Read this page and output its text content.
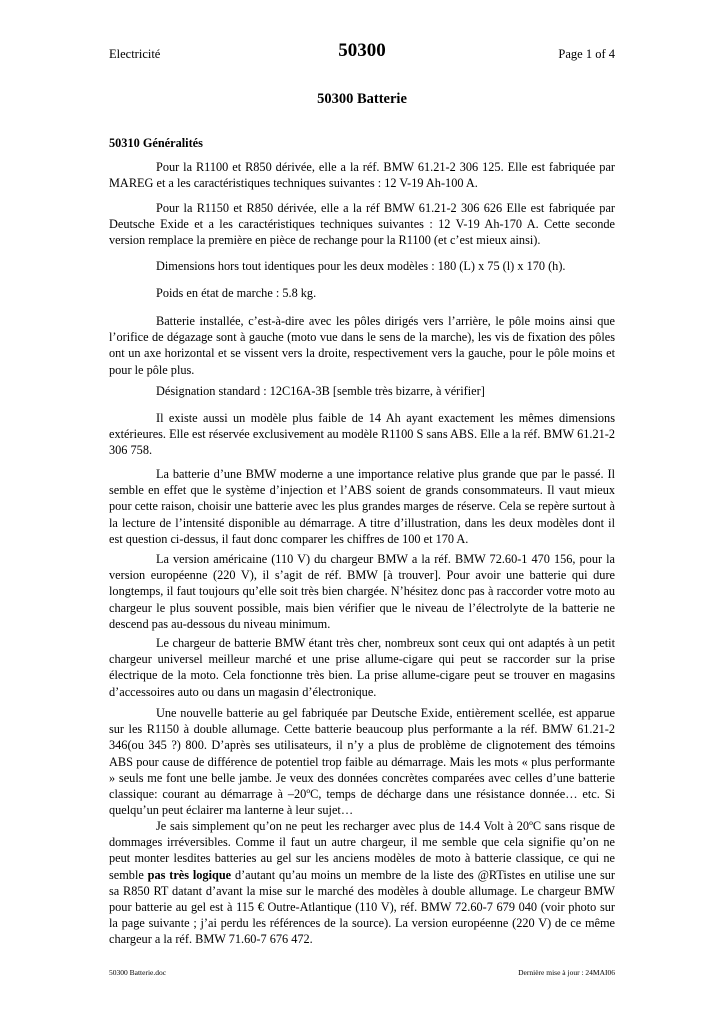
Electricité	50300	Page 1 of 4
50300 Batterie
50310 Généralités

Pour la R1100 et R850 dérivée, elle a la réf. BMW 61.21-2 306 125. Elle est fabriquée par MAREG et a les caractéristiques techniques suivantes : 12 V-19 Ah-100 A.

Pour la R1150 et R850 dérivée, elle a la réf BMW 61.21-2 306 626 Elle est fabriquée par Deutsche Exide et a les caractéristiques techniques suivantes : 12 V-19 Ah-170 A. Cette seconde version remplace la première en pièce de rechange pour la R1100 (et c’est mieux ainsi).

Dimensions hors tout identiques pour les deux modèles : 180 (L) x 75 (l) x 170 (h).

Poids en état de marche : 5.8 kg.

Batterie installée, c’est-à-dire avec les pôles dirigés vers l’arrière, le pôle moins ainsi que l’orifice de dégazage sont à gauche (moto vue dans le sens de la marche), les vis de fixation des pôles ont un axe horizontal et se vissent vers la droite, respectivement vers la gauche, pour le pôle moins et pour le pôle plus.

Désignation standard : 12C16A-3B [semble très bizarre, à vérifier]

Il existe aussi un modèle plus faible de 14 Ah ayant exactement les mêmes dimensions extérieures. Elle est réservée exclusivement au modèle R1100 S sans ABS. Elle a la réf. BMW 61.21-2 306 758.

La batterie d’une BMW moderne a une importance relative plus grande que par le passé. Il semble en effet que le système d’injection et l’ABS soient de grands consommateurs. Il vaut mieux pour cette raison, choisir une batterie avec les plus grandes marges de réserve. Cela se repère surtout à la lecture de l’intensité disponible au démarrage. A titre d’illustration, dans les deux modèles dont il est question ci-dessus, il faut donc comparer les chiffres de 100 et 170 A.

La version américaine (110 V) du chargeur BMW a la réf. BMW 72.60-1 470 156, pour la version européenne (220 V), il s’agit de réf. BMW [à trouver]. Pour avoir une batterie qui dure longtemps, il faut toujours qu’elle soit très bien chargée. N’hésitez donc pas à raccorder votre moto au chargeur le plus souvent possible, mais bien vérifier que le niveau de l’électrolyte de la batterie ne descend pas au-dessous du niveau minimum.

Le chargeur de batterie BMW étant très cher, nombreux sont ceux qui ont adaptés à un petit chargeur universel meilleur marché et une prise allume-cigare qui peut se raccorder sur la prise électrique de la moto. Cela fonctionne très bien. La prise allume-cigare peut se trouver en magasins d’accessoires auto ou dans un magasin d’électronique.

Une nouvelle batterie au gel fabriquée par Deutsche Exide, entièrement scellée, est apparue sur les R1150 à double allumage. Cette batterie beaucoup plus performante a la réf. BMW 61.21-2 346(ou 345 ?) 800. D’après ses utilisateurs, il n’y a plus de problème de clignotement des témoins ABS pour cause de différence de potentiel trop faible au démarrage. Mais les mots « plus performante » seuls me font une belle jambe. Je veux des données concrètes comparées avec celles d’une batterie classique: courant au démarrage à –20ºC, temps de décharge dans une résistance donnée… etc. Si quelqu’un peut éclairer ma lanterne à leur sujet…

Je sais simplement qu’on ne peut les recharger avec plus de 14.4 Volt à 20ºC sans risque de dommages irréversibles. Comme il faut un autre chargeur, il me semble que cela signifie qu’on ne peut monter lesdites batteries au gel sur les anciens modèles de moto à batterie classique, ce qui ne semble pas très logique d’autant qu’au moins un membre de la liste des @RTistes en utilise une sur sa R850 RT datant d’avant la mise sur le marché des modèles à double allumage. Le chargeur BMW pour batterie au gel est à 115 € Outre-Atlantique (110 V), réf. BMW 72.60-7 679 040 (voir photo sur la page suivante ; j’ai perdu les références de la source). La version européenne (220 V) de ce même chargeur a la réf. BMW 71.60-7 676 472.

50300 Batterie.doc	Dernière mise à jour : 24MAI06
